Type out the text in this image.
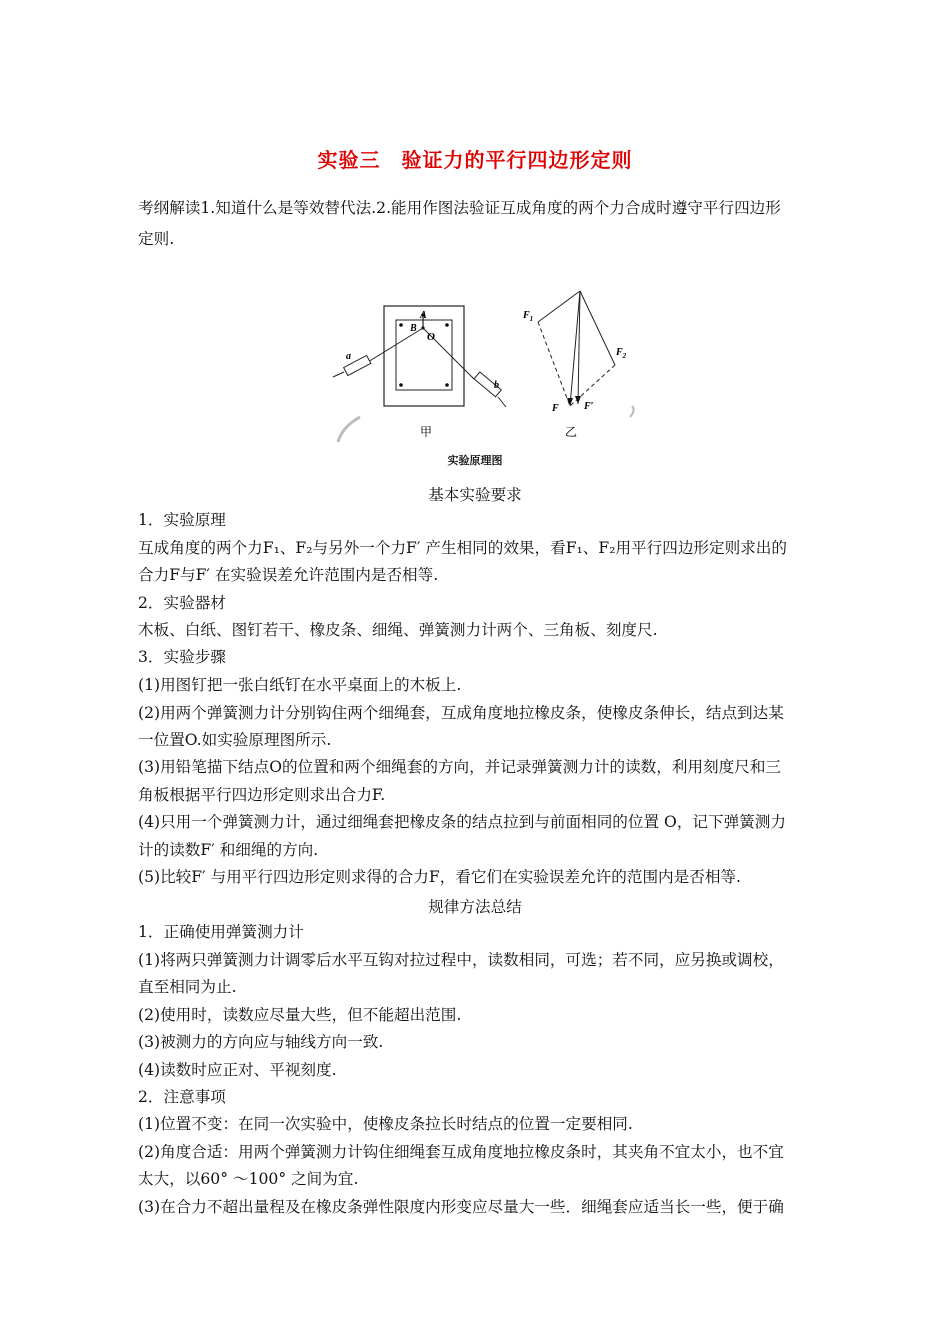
实验三　验证力的平行四边形定则
考纲解读1.知道什么是等效替代法.2.能用作图法验证互成角度的两个力合成时遵守平行四边形
定则.
A
B
O
a
b
甲
$F_1$
$F_2$
F	F′
乙
实验原理图
基本实验要求
1．实验原理
互成角度的两个力F₁、F₂与另外一个力F′ 产生相同的效果，看F₁、F₂用平行四边形定则求出的
合力F与F′ 在实验误差允许范围内是否相等.
2．实验器材
木板、白纸、图钉若干、橡皮条、细绳、弹簧测力计两个、三角板、刻度尺.
3．实验步骤
(1)用图钉把一张白纸钉在水平桌面上的木板上.
(2)用两个弹簧测力计分别钩住两个细绳套，互成角度地拉橡皮条，使橡皮条伸长，结点到达某
一位置O.如实验原理图所示.
(3)用铅笔描下结点O的位置和两个细绳套的方向，并记录弹簧测力计的读数，利用刻度尺和三
角板根据平行四边形定则求出合力F.
(4)只用一个弹簧测力计，通过细绳套把橡皮条的结点拉到与前面相同的位置 O，记下弹簧测力
计的读数F′ 和细绳的方向.
(5)比较F′ 与用平行四边形定则求得的合力F，看它们在实验误差允许的范围内是否相等.
规律方法总结
1．正确使用弹簧测力计
(1)将两只弹簧测力计调零后水平互钩对拉过程中，读数相同，可选；若不同，应另换或调校，
直至相同为止.
(2)使用时，读数应尽量大些，但不能超出范围.
(3)被测力的方向应与轴线方向一致.
(4)读数时应正对、平视刻度.
2．注意事项
(1)位置不变：在同一次实验中，使橡皮条拉长时结点的位置一定要相同.
(2)角度合适：用两个弹簧测力计钩住细绳套互成角度地拉橡皮条时，其夹角不宜太小，也不宜
太大，以60° ～100° 之间为宜.
(3)在合力不超出量程及在橡皮条弹性限度内形变应尽量大一些．细绳套应适当长一些，便于确
